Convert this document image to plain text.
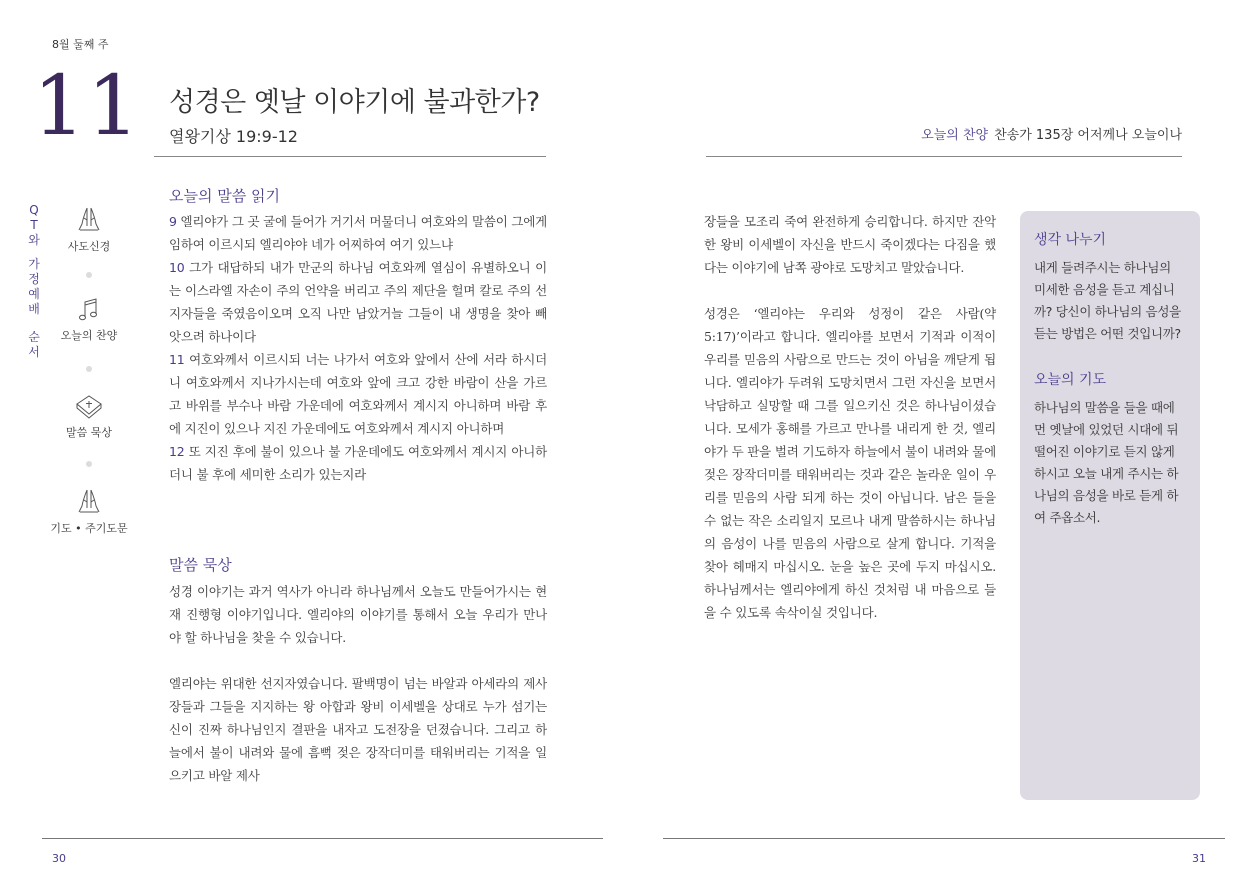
8월 둘째 주
11 성경은 옛날 이야기에 불과한가?
열왕기상 19:9-12	오늘의 찬양 찬송가 135장 어저께나 오늘이나
Q
T
와
가
정
예
배
순
서
사도신경
오늘의 찬양
말씀 묵상
기도 • 주기도문
오늘의 말씀 읽기
9 엘리야가 그 곳 굴에 들어가 거기서 머물더니 여호와의 말씀이 그에게 임하여 이르시되 엘리야야 네가 어찌하여 여기 있느냐
10 그가 대답하되 내가 만군의 하나님 여호와께 열심이 유별하오니 이는 이스라엘 자손이 주의 언약을 버리고 주의 제단을 헐며 칼로 주의 선지자들을 죽였음이오며 오직 나만 남았거늘 그들이 내 생명을 찾아 빼앗으려 하나이다
11 여호와께서 이르시되 너는 나가서 여호와 앞에서 산에 서라 하시더니 여호와께서 지나가시는데 여호와 앞에 크고 강한 바람이 산을 가르고 바위를 부수나 바람 가운데에 여호와께서 계시지 아니하며 바람 후에 지진이 있으나 지진 가운데에도 여호와께서 계시지 아니하며
12 또 지진 후에 불이 있으나 불 가운데에도 여호와께서 계시지 아니하더니 불 후에 세미한 소리가 있는지라
말씀 묵상
성경 이야기는 과거 역사가 아니라 하나님께서 오늘도 만들어가시는 현재 진행형 이야기입니다. 엘리야의 이야기를 통해서 오늘 우리가 만나야 할 하나님을 찾을 수 있습니다.
엘리야는 위대한 선지자였습니다. 팔백명이 넘는 바알과 아세라의 제사장들과 그들을 지지하는 왕 아합과 왕비 이세벨을 상대로 누가 섬기는 신이 진짜 하나님인지 결판을 내자고 도전장을 던졌습니다. 그리고 하늘에서 불이 내려와 물에 흠뻑 젖은 장작더미를 태워버리는 기적을 일으키고 바알 제사
장들을 모조리 죽여 완전하게 승리합니다. 하지만 잔악한 왕비 이세벨이 자신을 반드시 죽이겠다는 다짐을 했다는 이야기에 남쪽 광야로 도망치고 말았습니다.
성경은 ‘엘리야는 우리와 성정이 같은 사람(약 5:17)’이라고 합니다. 엘리야를 보면서 기적과 이적이 우리를 믿음의 사람으로 만드는 것이 아님을 깨닫게 됩니다. 엘리야가 두려워 도망치면서 그런 자신을 보면서 낙담하고 실망할 때 그를 일으키신 것은 하나님이셨습니다. 모세가 홍해를 가르고 만나를 내리게 한 것, 엘리야가 두 판을 벌려 기도하자 하늘에서 불이 내려와 물에 젖은 장작더미를 태워버리는 것과 같은 놀라운 일이 우리를 믿음의 사람 되게 하는 것이 아닙니다. 남은 들을 수 없는 작은 소리일지 모르나 내게 말씀하시는 하나님의 음성이 나를 믿음의 사람으로 살게 합니다. 기적을 찾아 헤매지 마십시오. 눈을 높은 곳에 두지 마십시오. 하나님께서는 엘리야에게 하신 것처럼 내 마음으로 들을 수 있도록 속삭이실 것입니다.
생각 나누기
내게 들려주시는 하나님의 미세한 음성을 듣고 계십니까? 당신이 하나님의 음성을 듣는 방법은 어떤 것입니까?
오늘의 기도
하나님의 말씀을 들을 때에 먼 옛날에 있었던 시대에 뒤떨어진 이야기로 듣지 않게 하시고 오늘 내게 주시는 하나님의 음성을 바로 듣게 하여 주옵소서.
30	31
